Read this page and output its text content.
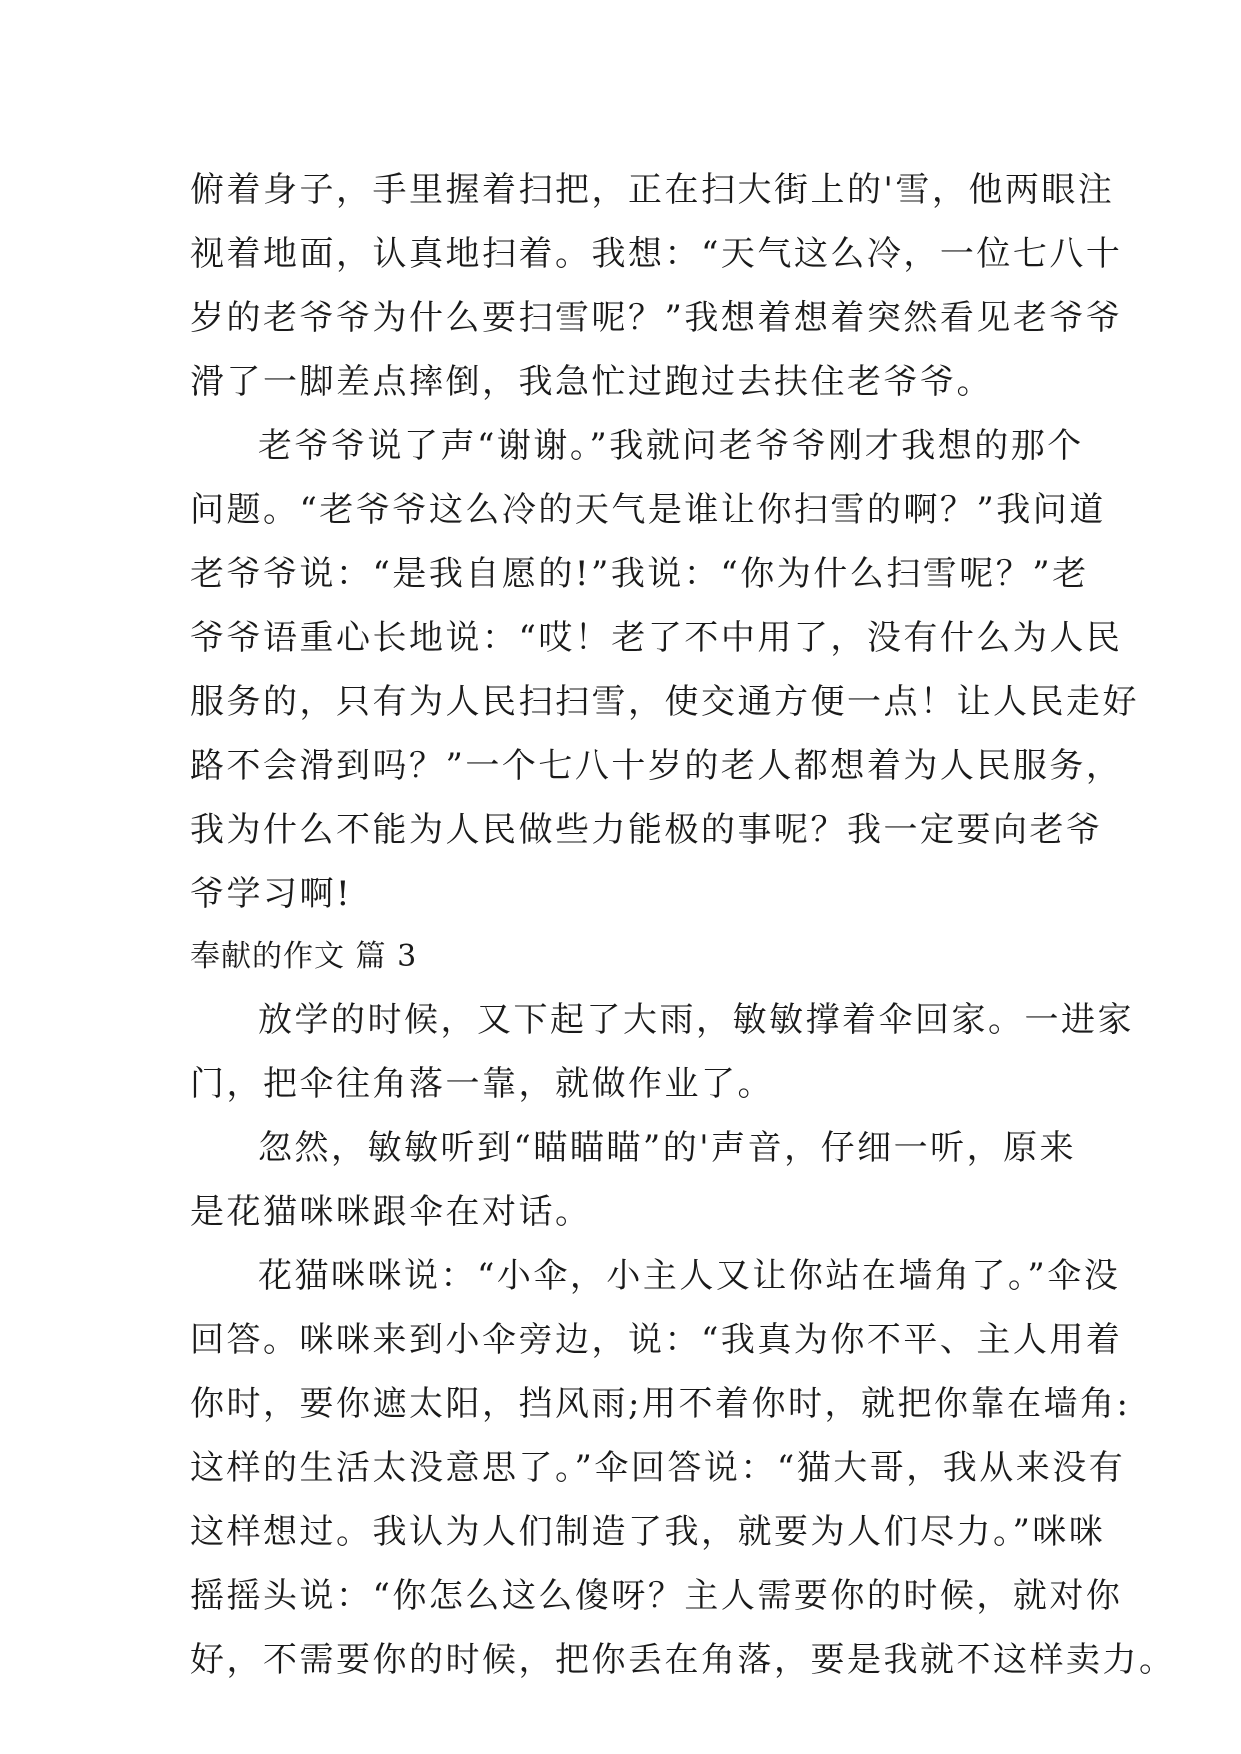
俯着身子，手里握着扫把，正在扫大街上的'雪，他两眼注
视着地面，认真地扫着。我想：“天气这么冷，一位七八十
岁的老爷爷为什么要扫雪呢？”我想着想着突然看见老爷爷
滑了一脚差点摔倒，我急忙过跑过去扶住老爷爷。
老爷爷说了声“谢谢。”我就问老爷爷刚才我想的那个
问题。“老爷爷这么冷的天气是谁让你扫雪的啊？”我问道
老爷爷说：“是我自愿的!”我说：“你为什么扫雪呢？”老
爷爷语重心长地说：“哎！老了不中用了，没有什么为人民
服务的，只有为人民扫扫雪，使交通方便一点！让人民走好
路不会滑到吗？”一个七八十岁的老人都想着为人民服务，
我为什么不能为人民做些力能极的事呢？我一定要向老爷
爷学习啊!
奉献的作文 篇 3
放学的时候，又下起了大雨，敏敏撑着伞回家。一进家
门，把伞往角落一靠，就做作业了。
忽然，敏敏听到“瞄瞄瞄”的'声音，仔细一听，原来
是花猫咪咪跟伞在对话。
花猫咪咪说：“小伞，小主人又让你站在墙角了。”伞没
回答。咪咪来到小伞旁边，说：“我真为你不平、主人用着
你时，要你遮太阳，挡风雨;用不着你时，就把你靠在墙角:
这样的生活太没意思了。”伞回答说：“猫大哥，我从来没有
这样想过。我认为人们制造了我，就要为人们尽力。”咪咪
摇摇头说：“你怎么这么傻呀？主人需要你的时候，就对你
好，不需要你的时候，把你丢在角落，要是我就不这样卖力。
